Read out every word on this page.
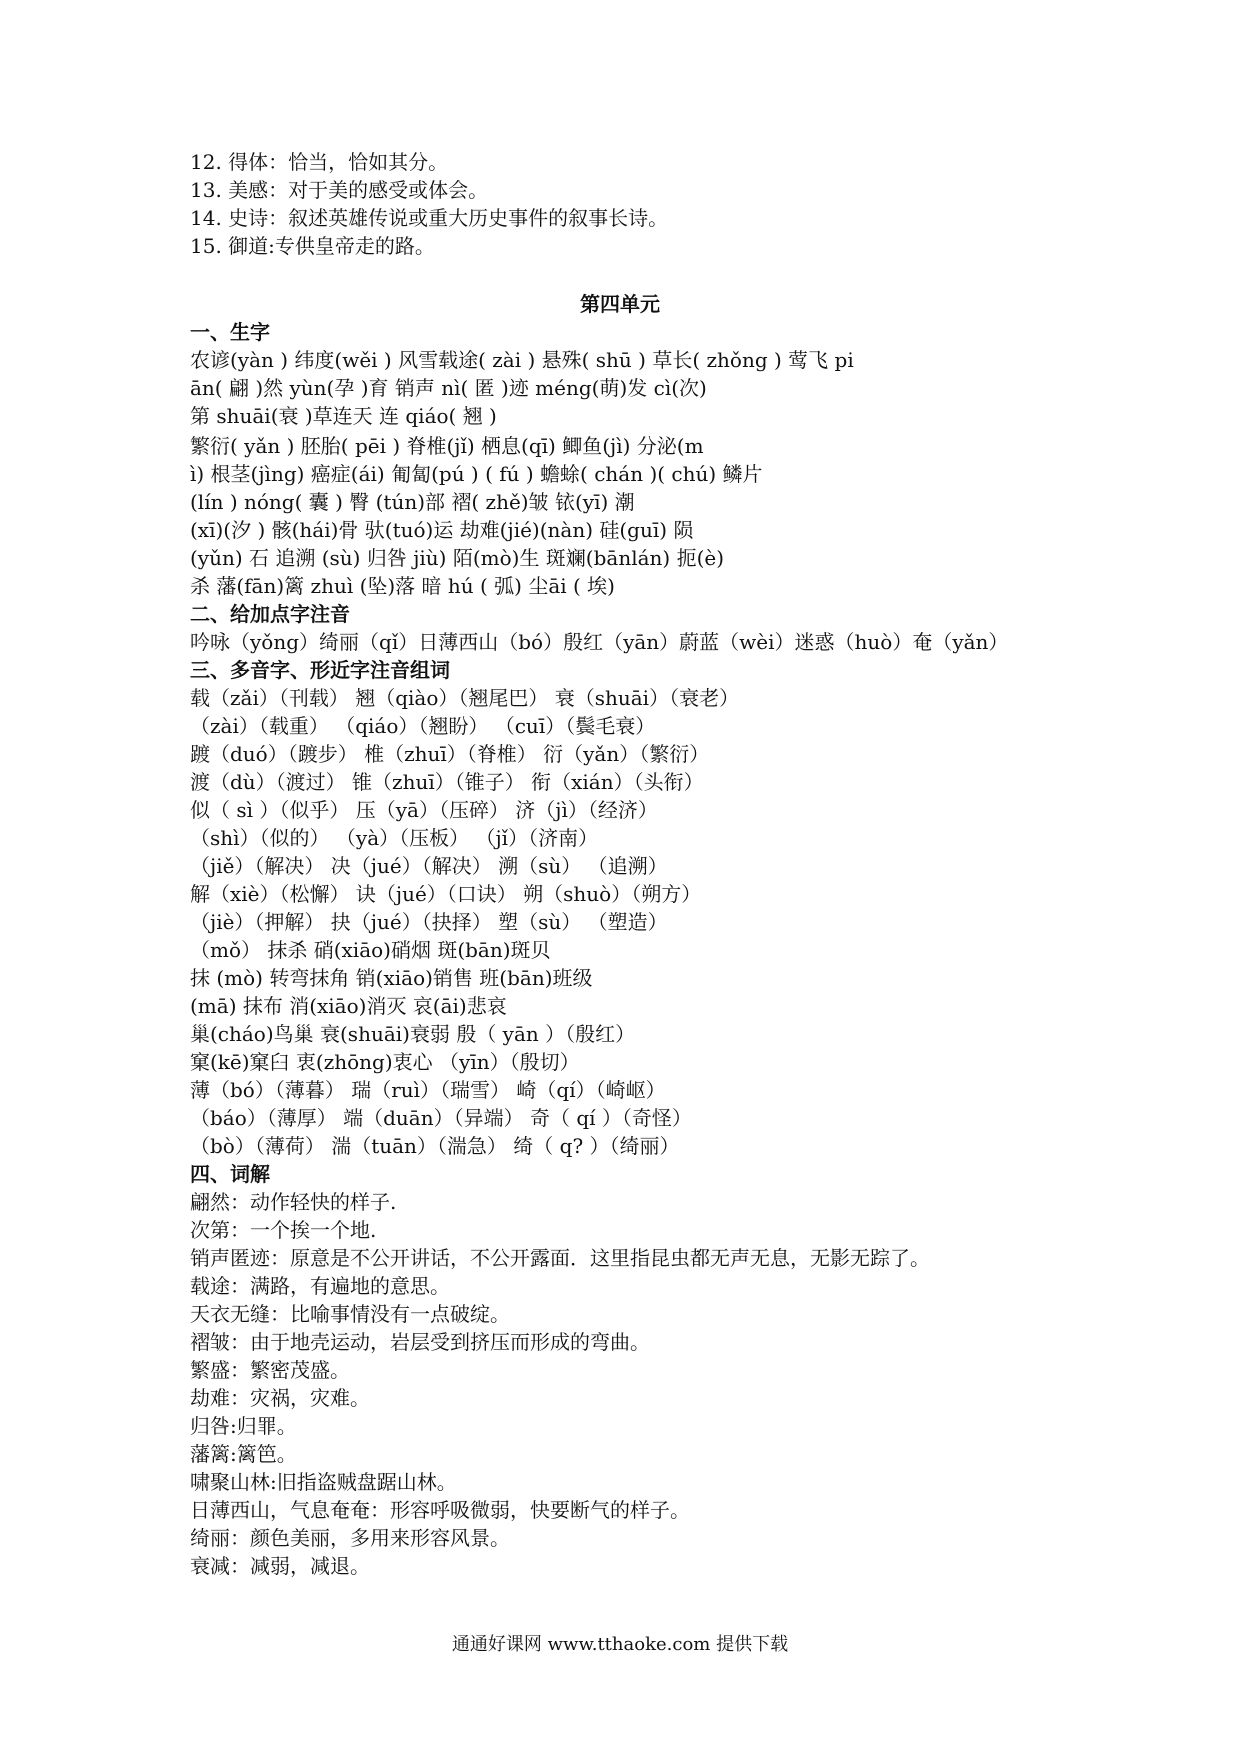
12. 得体：恰当，恰如其分。
13. 美感：对于美的感受或体会。
14. 史诗：叙述英雄传说或重大历史事件的叙事长诗。
15. 御道:专供皇帝走的路。
第四单元
一、生字
农谚(yàn ) 纬度(wěi ) 风雪载途( zài ) 悬殊( shū ) 草长( zhǒng ) 莺飞 pi
ān( 翩 )然 yùn(孕 )育 销声 nì( 匿 )迹 méng(萌)发 cì(次)
第 shuāi(衰 )草连天 连 qiáo( 翘 )
繁衍( yǎn ) 胚胎( pēi ) 脊椎(jǐ) 栖息(qī) 鲫鱼(jì) 分泌(m
ì) 根茎(jìng) 癌症(ái) 匍匐(pú ) ( fú ) 蟾蜍( chán )( chú) 鳞片
(lín ) nóng( 囊 ) 臀 (tún)部 褶( zhě)皱 铱(yī) 潮
(xī)(汐 ) 骸(hái)骨 驮(tuó)运 劫难(jié)(nàn) 硅(guī) 陨
(yǔn) 石 追溯 (sù) 归咎 jiù) 陌(mò)生 斑斓(bānlán) 扼(è)
杀 藩(fān)篱 zhuì (坠)落 暗 hú ( 弧) 尘āi ( 埃)
二、给加点字注音
吟咏（yǒng）绮丽（qǐ）日薄西山（bó）殷红（yān）蔚蓝（wèi）迷惑（huò）奄（yǎn）
三、多音字、形近字注音组词
载（zǎi）（刊载） 翘（qiào）（翘尾巴） 衰（shuāi）（衰老）
（zài）（载重） （qiáo）（翘盼） （cuī）（鬓毛衰）
踱（duó）（踱步） 椎（zhuī）（脊椎） 衍（yǎn）（繁衍）
渡（dù）（渡过） 锥（zhuī）（锥子） 衔（xián）（头衔）
似（ sì ）（似乎） 压（yā）（压碎） 济（jì）（经济）
（shì）（似的） （yà）（压板） （jǐ）（济南）
（jiě）（解决） 决（jué）（解决） 溯（sù） （追溯）
解（xiè）（松懈） 诀（jué）（口诀） 朔（shuò）（朔方）
（jiè）（押解） 抉（jué）（抉择） 塑（sù） （塑造）
（mǒ） 抹杀 硝(xiāo)硝烟 斑(bān)斑贝
抹 (mò) 转弯抹角 销(xiāo)销售 班(bān)班级
(mā) 抹布 消(xiāo)消灭 哀(āi)悲哀
巢(cháo)鸟巢 衰(shuāi)衰弱 殷（ yān ）（殷红）
窠(kē)窠臼 衷(zhōng)衷心 （yīn）（殷切）
薄（bó）（薄暮） 瑞（ruì）（瑞雪） 崎（qí）（崎岖）
（báo）（薄厚） 端（duān）（异端） 奇（ qí ）（奇怪）
（bò）（薄荷） 湍（tuān）（湍急） 绮（ q? ）（绮丽）
四、词解
翩然：动作轻快的样子.
次第：一个挨一个地.
销声匿迹：原意是不公开讲话，不公开露面．这里指昆虫都无声无息，无影无踪了。
载途：满路，有遍地的意思。
天衣无缝：比喻事情没有一点破绽。
褶皱：由于地壳运动，岩层受到挤压而形成的弯曲。
繁盛：繁密茂盛。
劫难：灾祸，灾难。
归咎:归罪。
藩篱:篱笆。
啸聚山林:旧指盗贼盘踞山林。
日薄西山，气息奄奄：形容呼吸微弱，快要断气的样子。
绮丽：颜色美丽，多用来形容风景。
衰减：减弱，减退。
通通好课网 www.tthaoke.com 提供下载
